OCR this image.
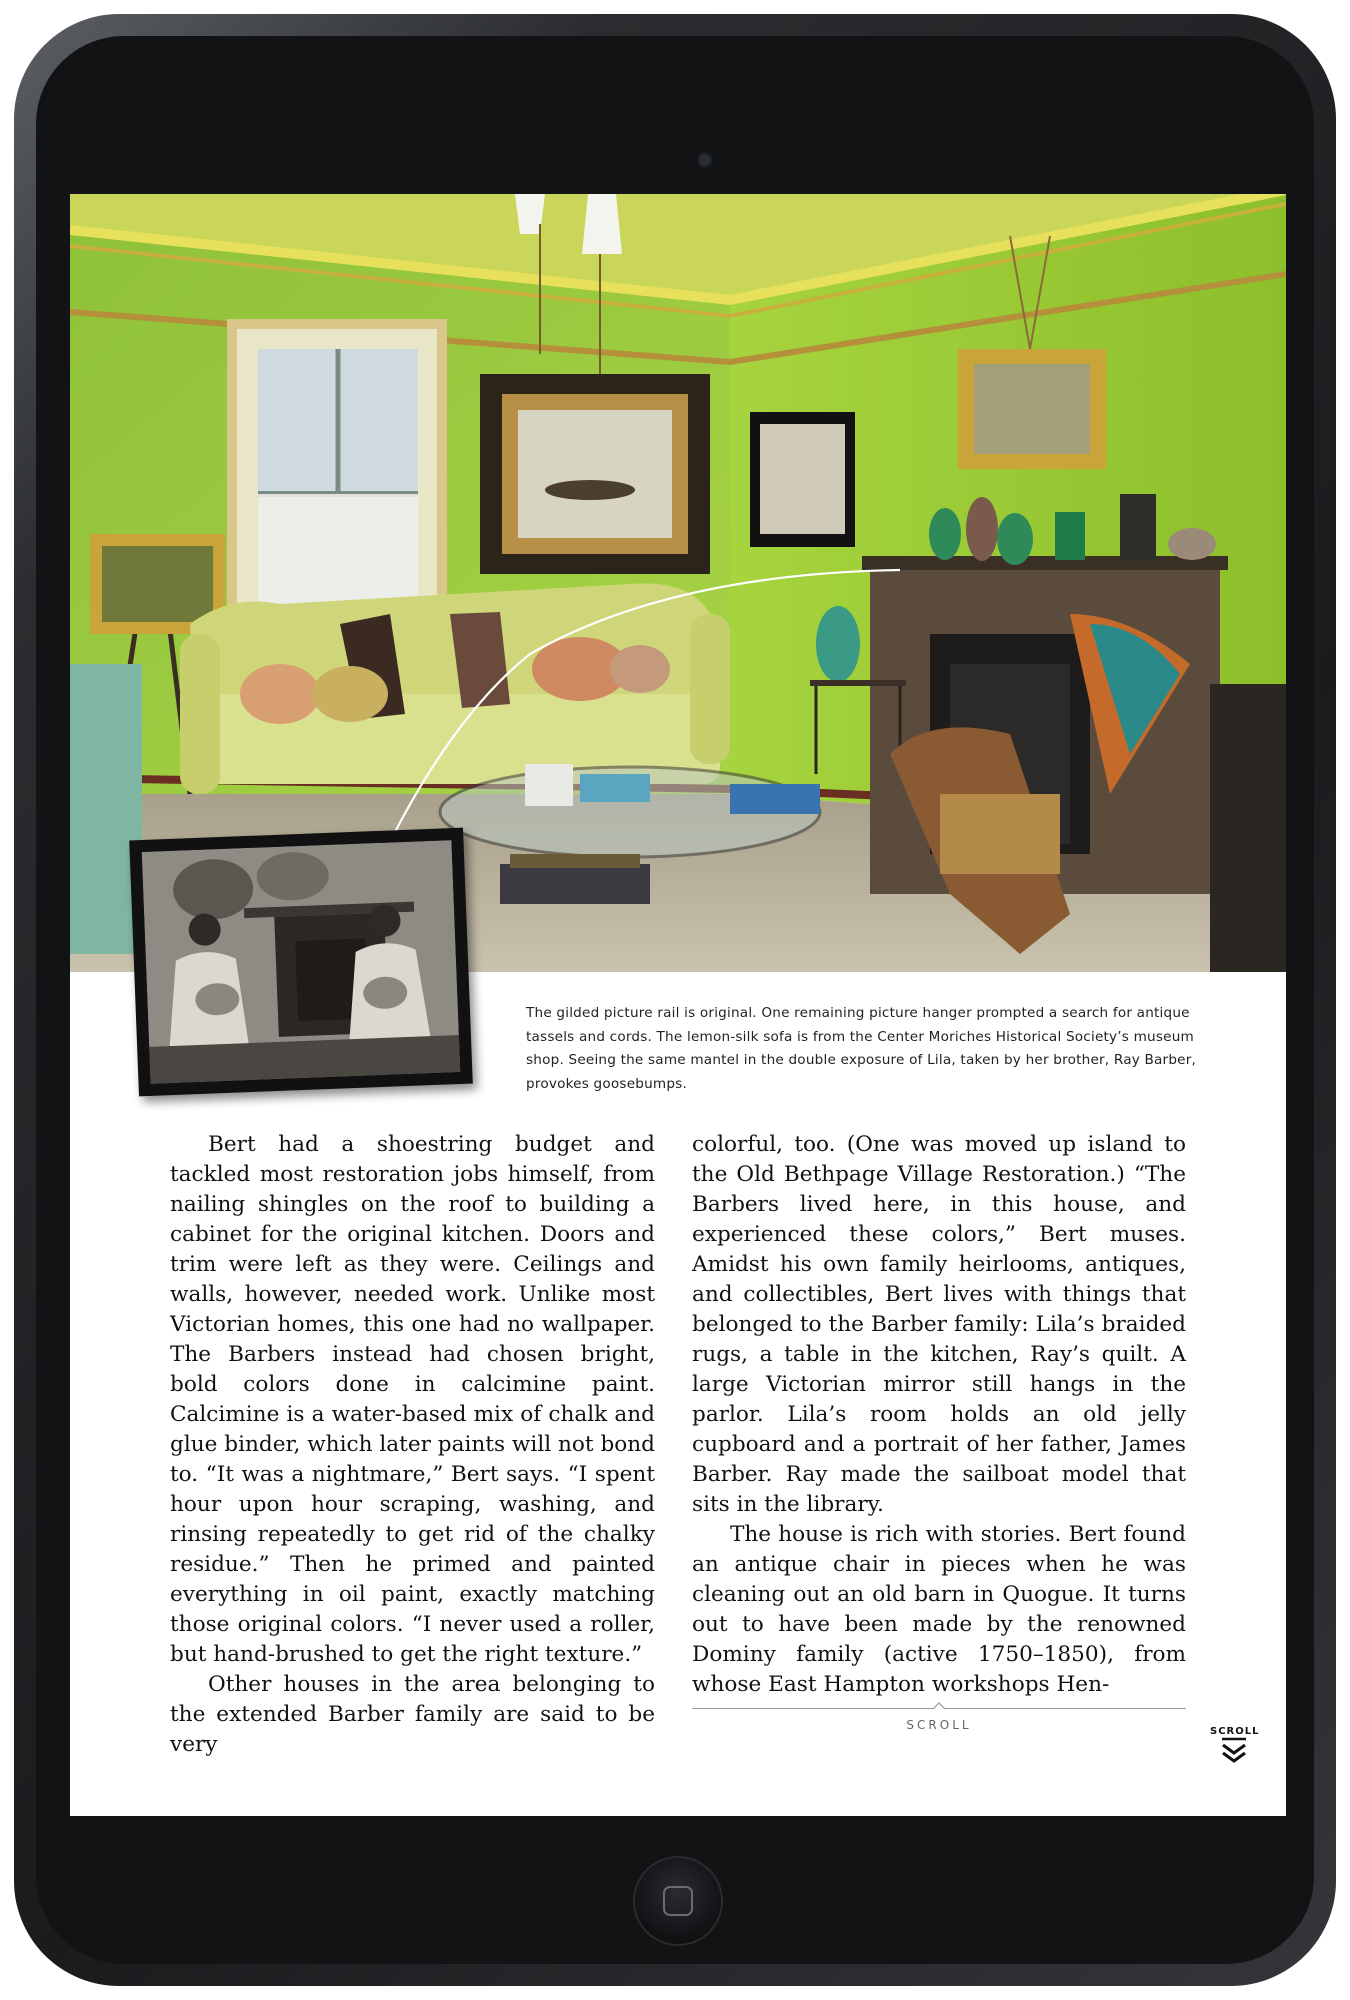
The gilded picture rail is original. One remaining picture hanger prompted a search for antique tassels and cords. The lemon-silk sofa is from the Center Moriches Historical Society’s museum shop. Seeing the same mantel in the double exposure of Lila, taken by her brother, Ray Barber, provokes goosebumps.

Bert had a shoestring budget and tackled most restoration jobs himself, from nailing shingles on the roof to building a cabinet for the original kitchen. Doors and trim were left as they were. Ceilings and walls, however, needed work. Unlike most Victorian homes, this one had no wallpaper. The Barbers instead had chosen bright, bold colors done in calcimine paint. Calcimine is a water-based mix of chalk and glue binder, which later paints will not bond to. “It was a nightmare,” Bert says. “I spent hour upon hour scraping, washing, and rinsing repeatedly to get rid of the chalky residue.” Then he primed and painted everything in oil paint, exactly matching those original colors. “I never used a roller, but hand-brushed to get the right texture.”

Other houses in the area belonging to the extended Barber family are said to be very

colorful, too. (One was moved up island to the Old Bethpage Village Restoration.) “The Barbers lived here, in this house, and experienced these colors,” Bert muses. Amidst his own family heirlooms, antiques, and collectibles, Bert lives with things that belonged to the Barber family: Lila’s braided rugs, a table in the kitchen, Ray’s quilt. A large Victorian mirror still hangs in the parlor. Lila’s room holds an old jelly cupboard and a portrait of her father, James Barber. Ray made the sailboat model that sits in the library.

The house is rich with stories. Bert found an antique chair in pieces when he was cleaning out an old barn in Quogue. It turns out to have been made by the renowned Dominy family (active 1750–1850), from whose East Hampton workshops Hen-

SCROLL	SCROLL
